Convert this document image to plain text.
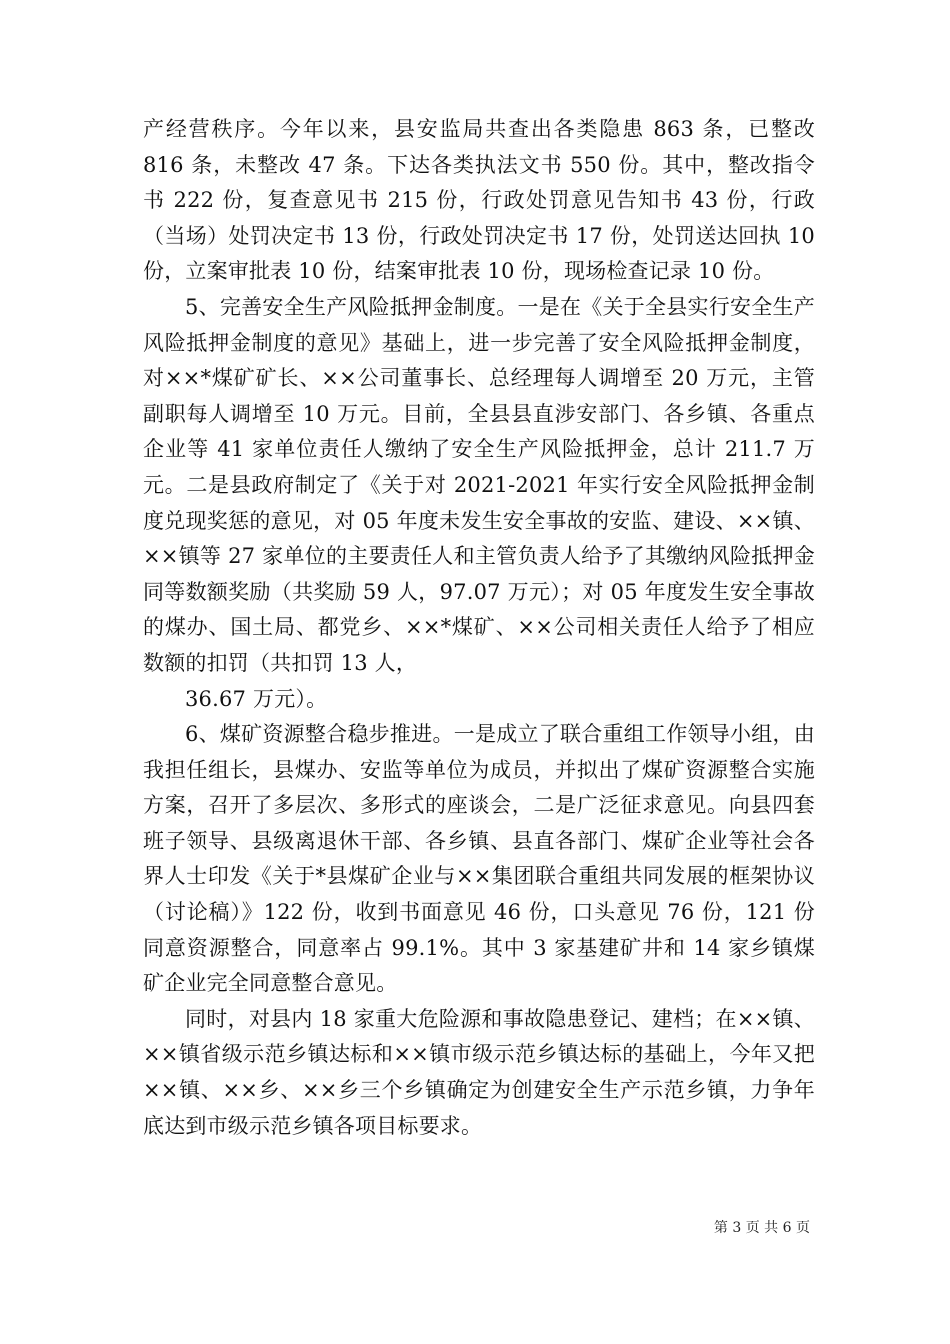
产经营秩序。今年以来，县安监局共查出各类隐患 863 条，已整改 816 条，未整改 47 条。下达各类执法文书 550 份。其中，整改指令书 222 份，复查意见书 215 份，行政处罚意见告知书 43 份，行政（当场）处罚决定书 13 份，行政处罚决定书 17 份，处罚送达回执 10 份，立案审批表 10 份，结案审批表 10 份，现场检查记录 10 份。

5、完善安全生产风险抵押金制度。一是在《关于全县实行安全生产风险抵押金制度的意见》基础上，进一步完善了安全风险抵押金制度，对××*煤矿矿长、××公司董事长、总经理每人调增至 20 万元，主管副职每人调增至 10 万元。目前，全县县直涉安部门、各乡镇、各重点企业等 41 家单位责任人缴纳了安全生产风险抵押金，总计 211.7 万元。二是县政府制定了《关于对 2021-2021 年实行安全风险抵押金制度兑现奖惩的意见，对 05 年度未发生安全事故的安监、建设、××镇、××镇等 27 家单位的主要责任人和主管负责人给予了其缴纳风险抵押金同等数额奖励（共奖励 59 人，97.07 万元）；对 05 年度发生安全事故的煤办、国土局、都党乡、××*煤矿、××公司相关责任人给予了相应数额的扣罚（共扣罚 13 人，

36.67 万元）。

6、煤矿资源整合稳步推进。一是成立了联合重组工作领导小组，由我担任组长，县煤办、安监等单位为成员，并拟出了煤矿资源整合实施方案，召开了多层次、多形式的座谈会，二是广泛征求意见。向县四套班子领导、县级离退休干部、各乡镇、县直各部门、煤矿企业等社会各界人士印发《关于*县煤矿企业与××集团联合重组共同发展的框架协议（讨论稿）》122 份，收到书面意见 46 份，口头意见 76 份，121 份同意资源整合，同意率占 99.1%。其中 3 家基建矿井和 14 家乡镇煤矿企业完全同意整合意见。

同时，对县内 18 家重大危险源和事故隐患登记、建档；在××镇、××镇省级示范乡镇达标和××镇市级示范乡镇达标的基础上，今年又把××镇、××乡、××乡三个乡镇确定为创建安全生产示范乡镇，力争年底达到市级示范乡镇各项目标要求。

第 3 页 共 6 页
